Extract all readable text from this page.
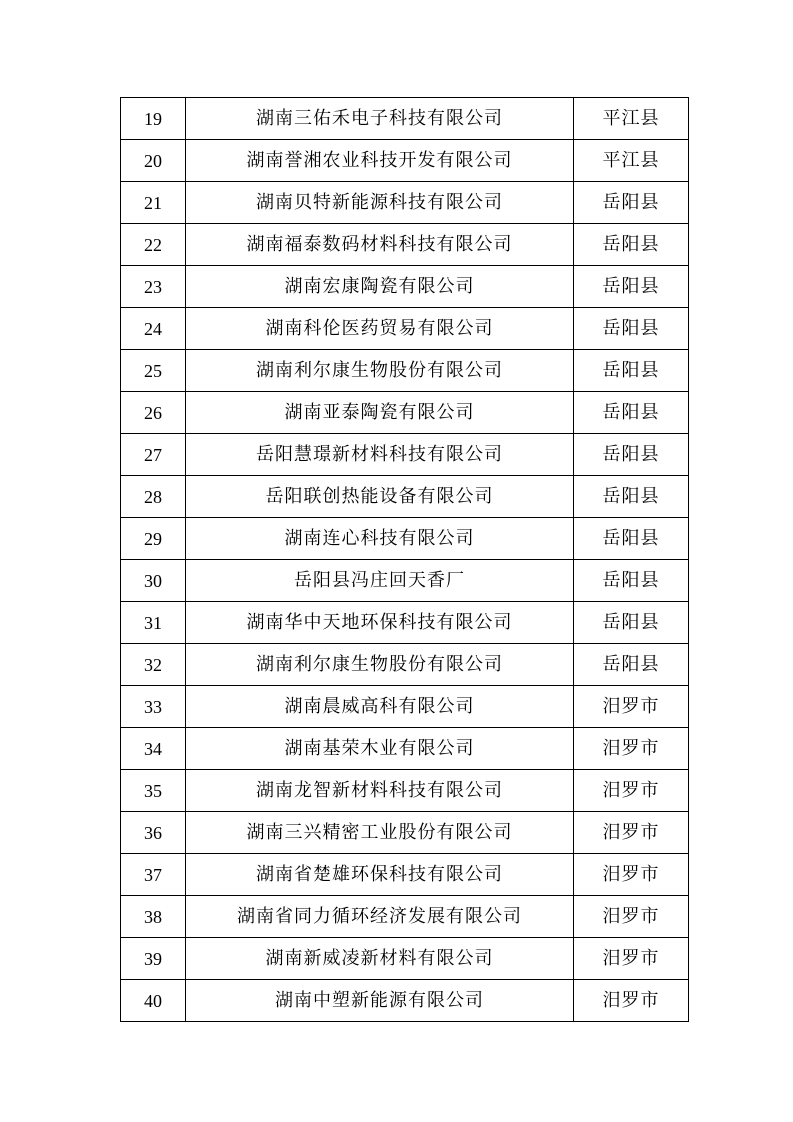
19	湖南三佑禾电子科技有限公司	平江县
20	湖南誉湘农业科技开发有限公司	平江县
21	湖南贝特新能源科技有限公司	岳阳县
22	湖南福泰数码材料科技有限公司	岳阳县
23	湖南宏康陶瓷有限公司	岳阳县
24	湖南科伦医药贸易有限公司	岳阳县
25	湖南利尔康生物股份有限公司	岳阳县
26	湖南亚泰陶瓷有限公司	岳阳县
27	岳阳慧璟新材料科技有限公司	岳阳县
28	岳阳联创热能设备有限公司	岳阳县
29	湖南连心科技有限公司	岳阳县
30	岳阳县冯庄回天香厂	岳阳县
31	湖南华中天地环保科技有限公司	岳阳县
32	湖南利尔康生物股份有限公司	岳阳县
33	湖南晨威高科有限公司	汨罗市
34	湖南基荣木业有限公司	汨罗市
35	湖南龙智新材料科技有限公司	汨罗市
36	湖南三兴精密工业股份有限公司	汨罗市
37	湖南省楚雄环保科技有限公司	汨罗市
38	湖南省同力循环经济发展有限公司	汨罗市
39	湖南新威凌新材料有限公司	汨罗市
40	湖南中塑新能源有限公司	汨罗市
